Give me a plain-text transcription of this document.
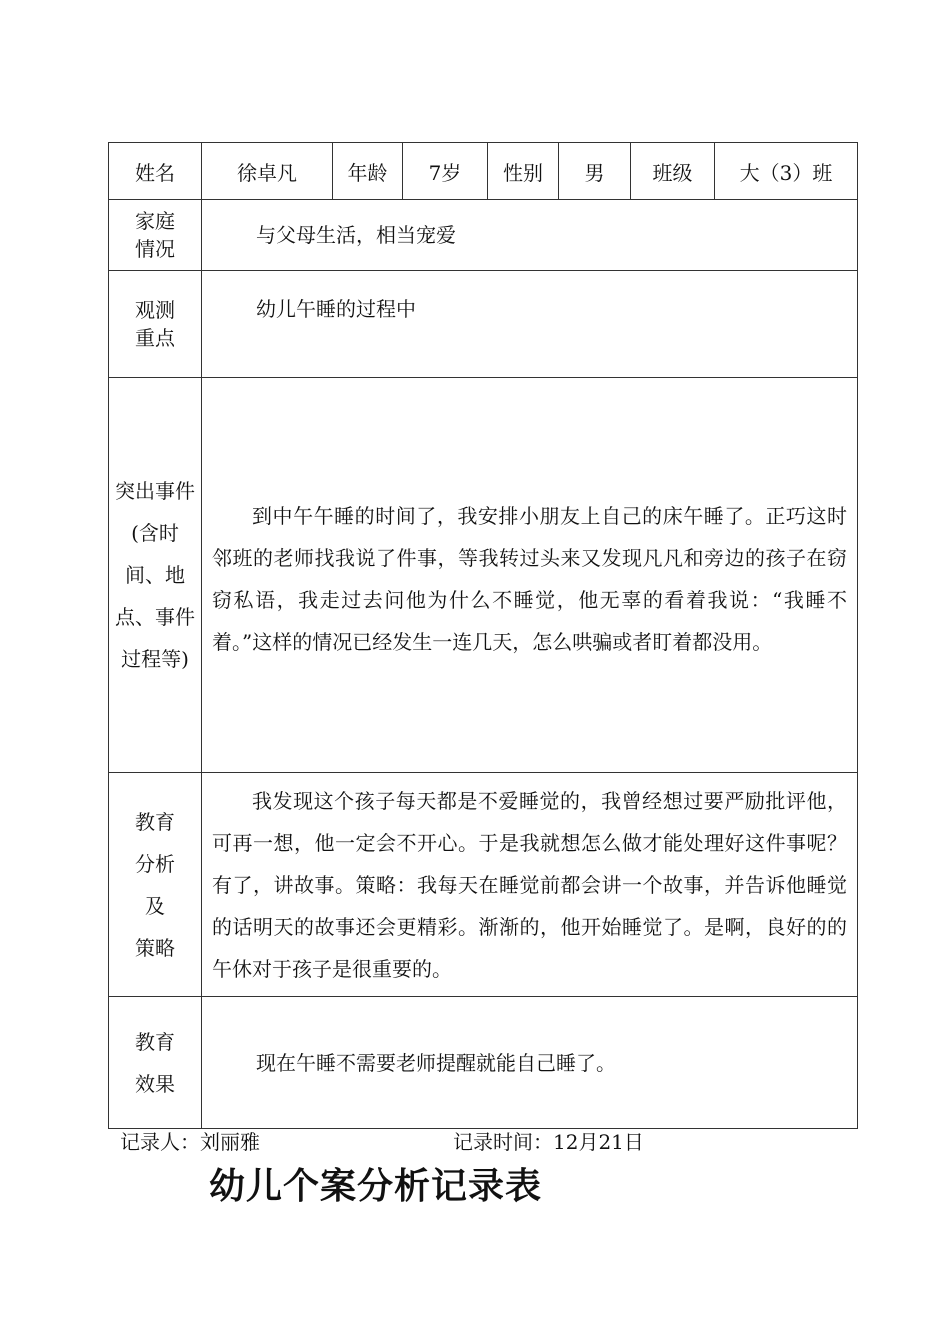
姓名	徐卓凡	年龄	7岁	性别	男	班级	大（3）班

家庭
情况	与父母生活，相当宠爱						

观测
重点	幼儿午睡的过程中						
突出事件(含时间、地点、事件过程等)	到中午午睡的时间了，我安排小朋友上自己的床午睡了。正巧这时邻班的老师找我说了件事，等我转过头来又发现凡凡和旁边的孩子在窃窃私语，我走过去问他为什么不睡觉，他无辜的看着我说：“我睡不着。”这样的情况已经发生一连几天，怎么哄骗或者盯着都没用。						

教育
分析
及
策略	我发现这个孩子每天都是不爱睡觉的，我曾经想过要严励批评他，可再一想，他一定会不开心。于是我就想怎么做才能处理好这件事呢？有了，讲故事。策略：我每天在睡觉前都会讲一个故事，并告诉他睡觉的话明天的故事还会更精彩。渐渐的，他开始睡觉了。是啊，良好的的午休对于孩子是很重要的。						

教育
效果	现在午睡不需要老师提醒就能自己睡了。						
记录人：刘丽雅	记录时间：12月21日
幼儿个案分析记录表
